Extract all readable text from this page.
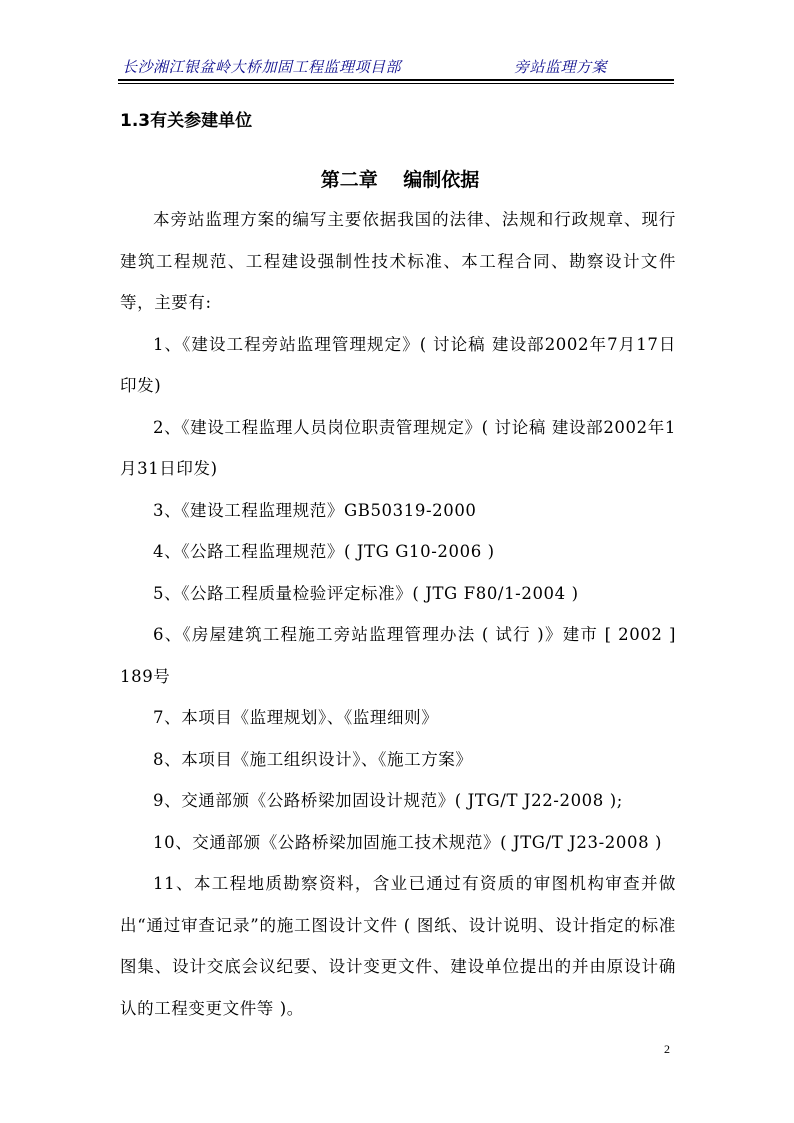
长沙湘江银盆岭大桥加固工程监理项目部	旁站监理方案
1.3有关参建单位
第二章　 编制依据

本旁站监理方案的编写主要依据我国的法律、法规和行政规章、现行建筑工程规范、工程建设强制性技术标准、本工程合同、勘察设计文件等，主要有:

1、《建设工程旁站监理管理规定》( 讨论稿 建设部2002年7月17日印发)

2、《建设工程监理人员岗位职责管理规定》( 讨论稿 建设部2002年1月31日印发)

3、《建设工程监理规范》GB50319-2000

4、《公路工程监理规范》( JTG G10-2006 )

5、《公路工程质量检验评定标准》( JTG F80/1-2004 )

6、《房屋建筑工程施工旁站监理管理办法 ( 试行 )》建市 [ 2002 ] 189号

7、本项目《监理规划》、《监理细则》

8、本项目《施工组织设计》、《施工方案》

9、交通部颁《公路桥梁加固设计规范》( JTG/T J22-2008 );

10、交通部颁《公路桥梁加固施工技术规范》( JTG/T J23-2008 )

11、本工程地质勘察资料，含业已通过有资质的审图机构审查并做出“通过审查记录”的施工图设计文件 ( 图纸、设计说明、设计指定的标准图集、设计交底会议纪要、设计变更文件、建设单位提出的并由原设计确认的工程变更文件等 )。

2
